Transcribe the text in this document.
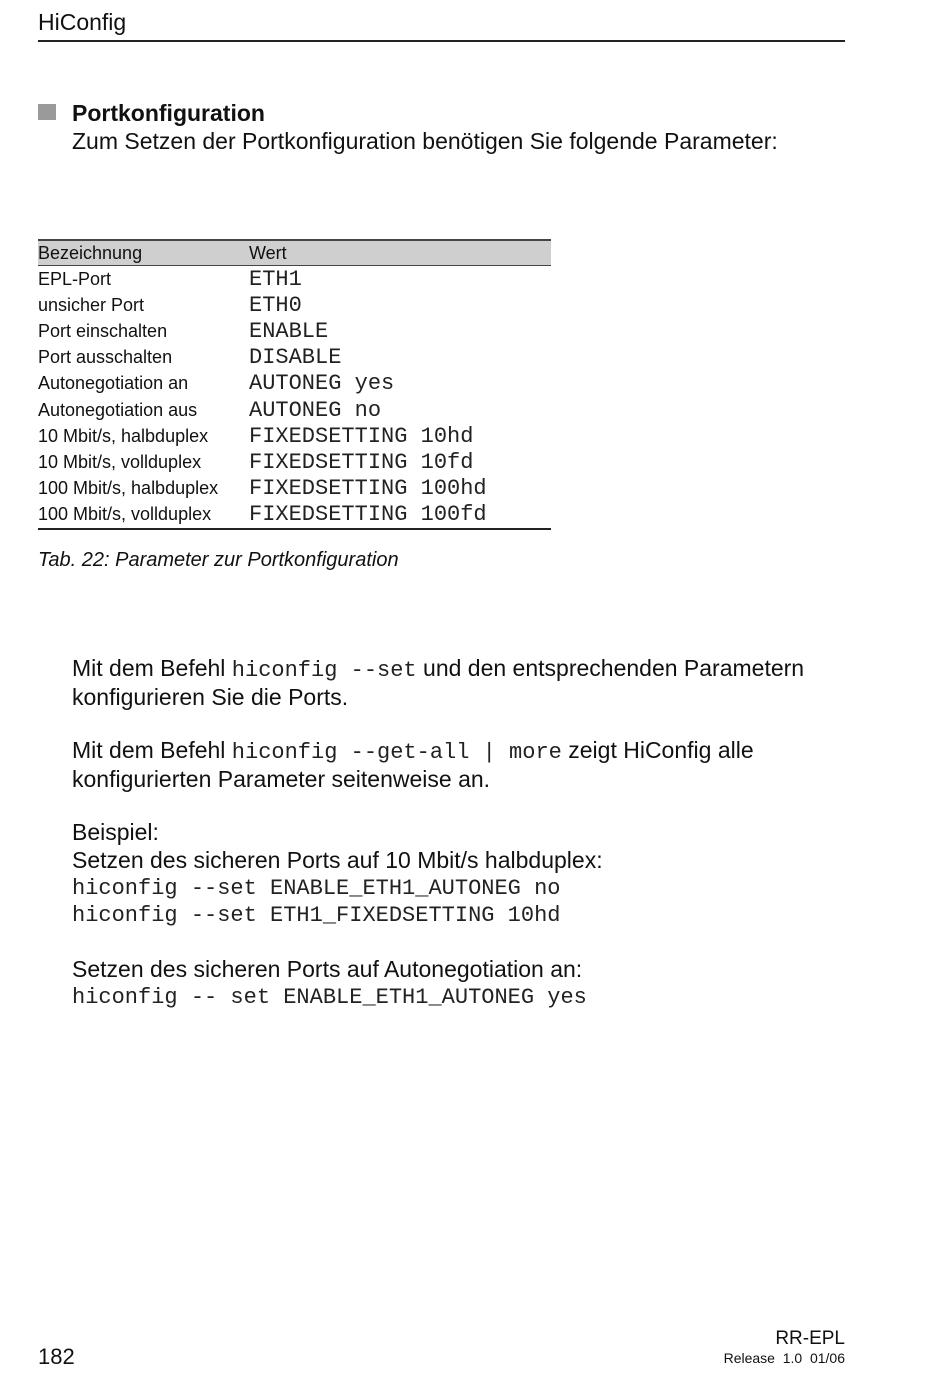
HiConfig
Portkonfiguration
Zum Setzen der Portkonfiguration benötigen Sie folgende Parameter:
Bezeichnung	Wert
EPL-Port	ETH1
unsicher Port	ETH0
Port einschalten	ENABLE
Port ausschalten	DISABLE
Autonegotiation an	AUTONEG yes
Autonegotiation aus	AUTONEG no
10 Mbit/s, halbduplex	FIXEDSETTING 10hd
10 Mbit/s, vollduplex	FIXEDSETTING 10fd
100 Mbit/s, halbduplex	FIXEDSETTING 100hd
100 Mbit/s, vollduplex	FIXEDSETTING 100fd
Tab. 22: Parameter zur Portkonfiguration
Mit dem Befehl hiconfig --set und den entsprechenden Parametern konfigurieren Sie die Ports.
Mit dem Befehl hiconfig --get-all | more zeigt HiConfig alle konfigurierten Parameter seitenweise an.
Beispiel:
Setzen des sicheren Ports auf 10 Mbit/s halbduplex:
hiconfig --set ENABLE_ETH1_AUTONEG no
hiconfig --set ETH1_FIXEDSETTING 10hd
Setzen des sicheren Ports auf Autonegotiation an:
hiconfig -- set ENABLE_ETH1_AUTONEG yes
182
RR-EPL
Release  1.0  01/06
